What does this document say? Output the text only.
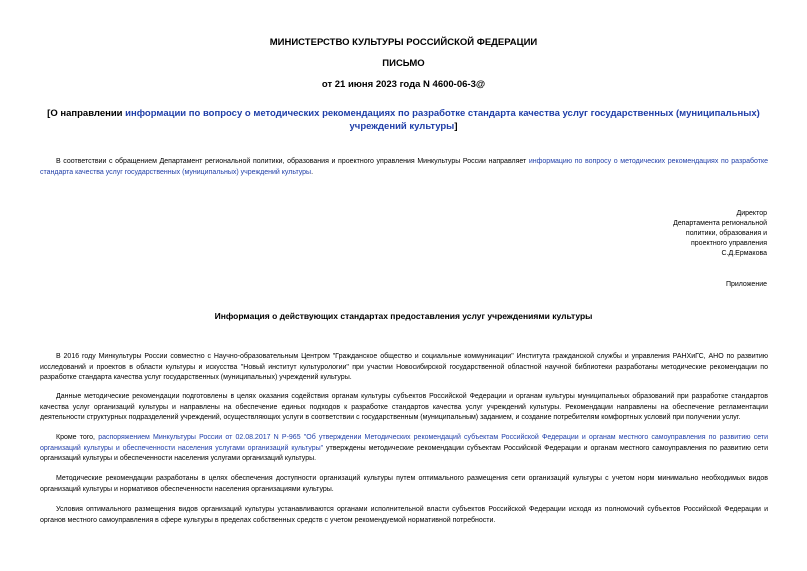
МИНИСТЕРСТВО КУЛЬТУРЫ РОССИЙСКОЙ ФЕДЕРАЦИИ
ПИСЬМО
от 21 июня 2023 года N 4600-06-3@
[О направлении информации по вопросу о методических рекомендациях по разработке стандарта качества услуг государственных (муниципальных) учреждений культуры]
В соответствии с обращением Департамент региональной политики, образования и проектного управления Минкультуры России направляет информацию по вопросу о методических рекомендациях по разработке стандарта качества услуг государственных (муниципальных) учреждений культуры.
Директор
Департамента региональной
политики, образования и
проектного управления
С.Д.Ермакова
Приложение
Информация о действующих стандартах предоставления услуг учреждениями культуры
В 2016 году Минкультуры России совместно с Научно-образовательным Центром "Гражданское общество и социальные коммуникации" Института гражданской службы и управления РАНХиГС, АНО по развитию исследований и проектов в области культуры и искусства "Новый институт культурологии" при участии Новосибирской государственной областной научной библиотеки разработаны методические рекомендации по разработке стандарта качества услуг государственных (муниципальных) учреждений культуры.
Данные методические рекомендации подготовлены в целях оказания содействия органам культуры субъектов Российской Федерации и органам культуры муниципальных образований при разработке стандартов качества услуг организаций культуры и направлены на обеспечение единых подходов к разработке стандартов качества услуг учреждений культуры. Рекомендации направлены на обеспечение регламентации деятельности структурных подразделений учреждений, осуществляющих услуги в соответствии с государственным (муниципальным) заданием, и создание потребителям комфортных условий при получении услуг.
Кроме того, распоряжением Минкультуры России от 02.08.2017 N Р-965 "Об утверждении Методических рекомендаций субъектам Российской Федерации и органам местного самоуправления по развитию сети организаций культуры и обеспеченности населения услугами организаций культуры" утверждены методические рекомендации субъектам Российской Федерации и органам местного самоуправления по развитию сети организаций культуры и обеспеченности населения услугами организаций культуры.
Методические рекомендации разработаны в целях обеспечения доступности организаций культуры путем оптимального размещения сети организаций культуры с учетом норм минимально необходимых видов организаций культуры и нормативов обеспеченности населения организациями культуры.
Условия оптимального размещения видов организаций культуры устанавливаются органами исполнительной власти субъектов Российской Федерации исходя из полномочий субъектов Российской Федерации и органов местного самоуправления в сфере культуры в пределах собственных средств с учетом рекомендуемой нормативной потребности.
